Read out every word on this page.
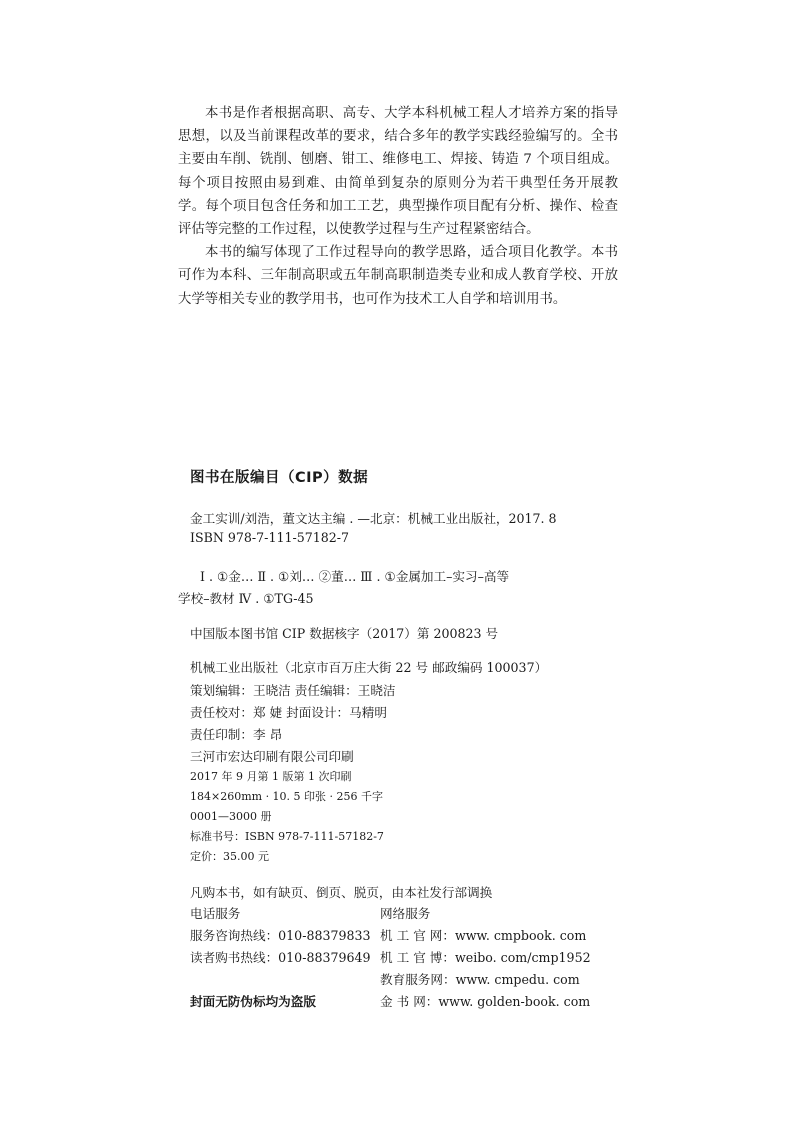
本书是作者根据高职、高专、大学本科机械工程人才培养方案的指导思想，以及当前课程改革的要求，结合多年的教学实践经验编写的。全书主要由车削、铣削、刨磨、钳工、维修电工、焊接、铸造 7 个项目组成。每个项目按照由易到难、由简单到复杂的原则分为若干典型任务开展教学。每个项目包含任务和加工工艺，典型操作项目配有分析、操作、检查评估等完整的工作过程，以使教学过程与生产过程紧密结合。

本书的编写体现了工作过程导向的教学思路，适合项目化教学。本书可作为本科、三年制高职或五年制高职制造类专业和成人教育学校、开放大学等相关专业的教学用书，也可作为技术工人自学和培训用书。

图书在版编目（CIP）数据
金工实训/刘浩，董文达主编 . —北京：机械工业出版社，2017. 8
ISBN 978-7-111-57182-7
Ⅰ . ①金… Ⅱ . ①刘… ②董… Ⅲ . ①金属加工–实习–高等
学校–教材 Ⅳ . ①TG-45
中国版本图书馆 CIP 数据核字（2017）第 200823 号
机械工业出版社（北京市百万庄大街 22 号 邮政编码 100037）
策划编辑：王晓洁 责任编辑：王晓洁
责任校对：郑 婕 封面设计：马精明
责任印制：李 昂
三河市宏达印刷有限公司印刷
2017 年 9 月第 1 版第 1 次印刷
184×260mm · 10. 5 印张 · 256 千字
0001—3000 册
标准书号：ISBN 978-7-111-57182-7
定价：35.00 元
凡购本书，如有缺页、倒页、脱页，由本社发行部调换
电话服务	网络服务
服务咨询热线：010-88379833 机 工 官 网：www. cmpbook. com
读者购书热线：010-88379649 机 工 官 博：weibo. com/cmp1952
教育服务网：www. cmpedu. com
封面无防伪标均为盗版	金 书 网：www. golden-book. com
